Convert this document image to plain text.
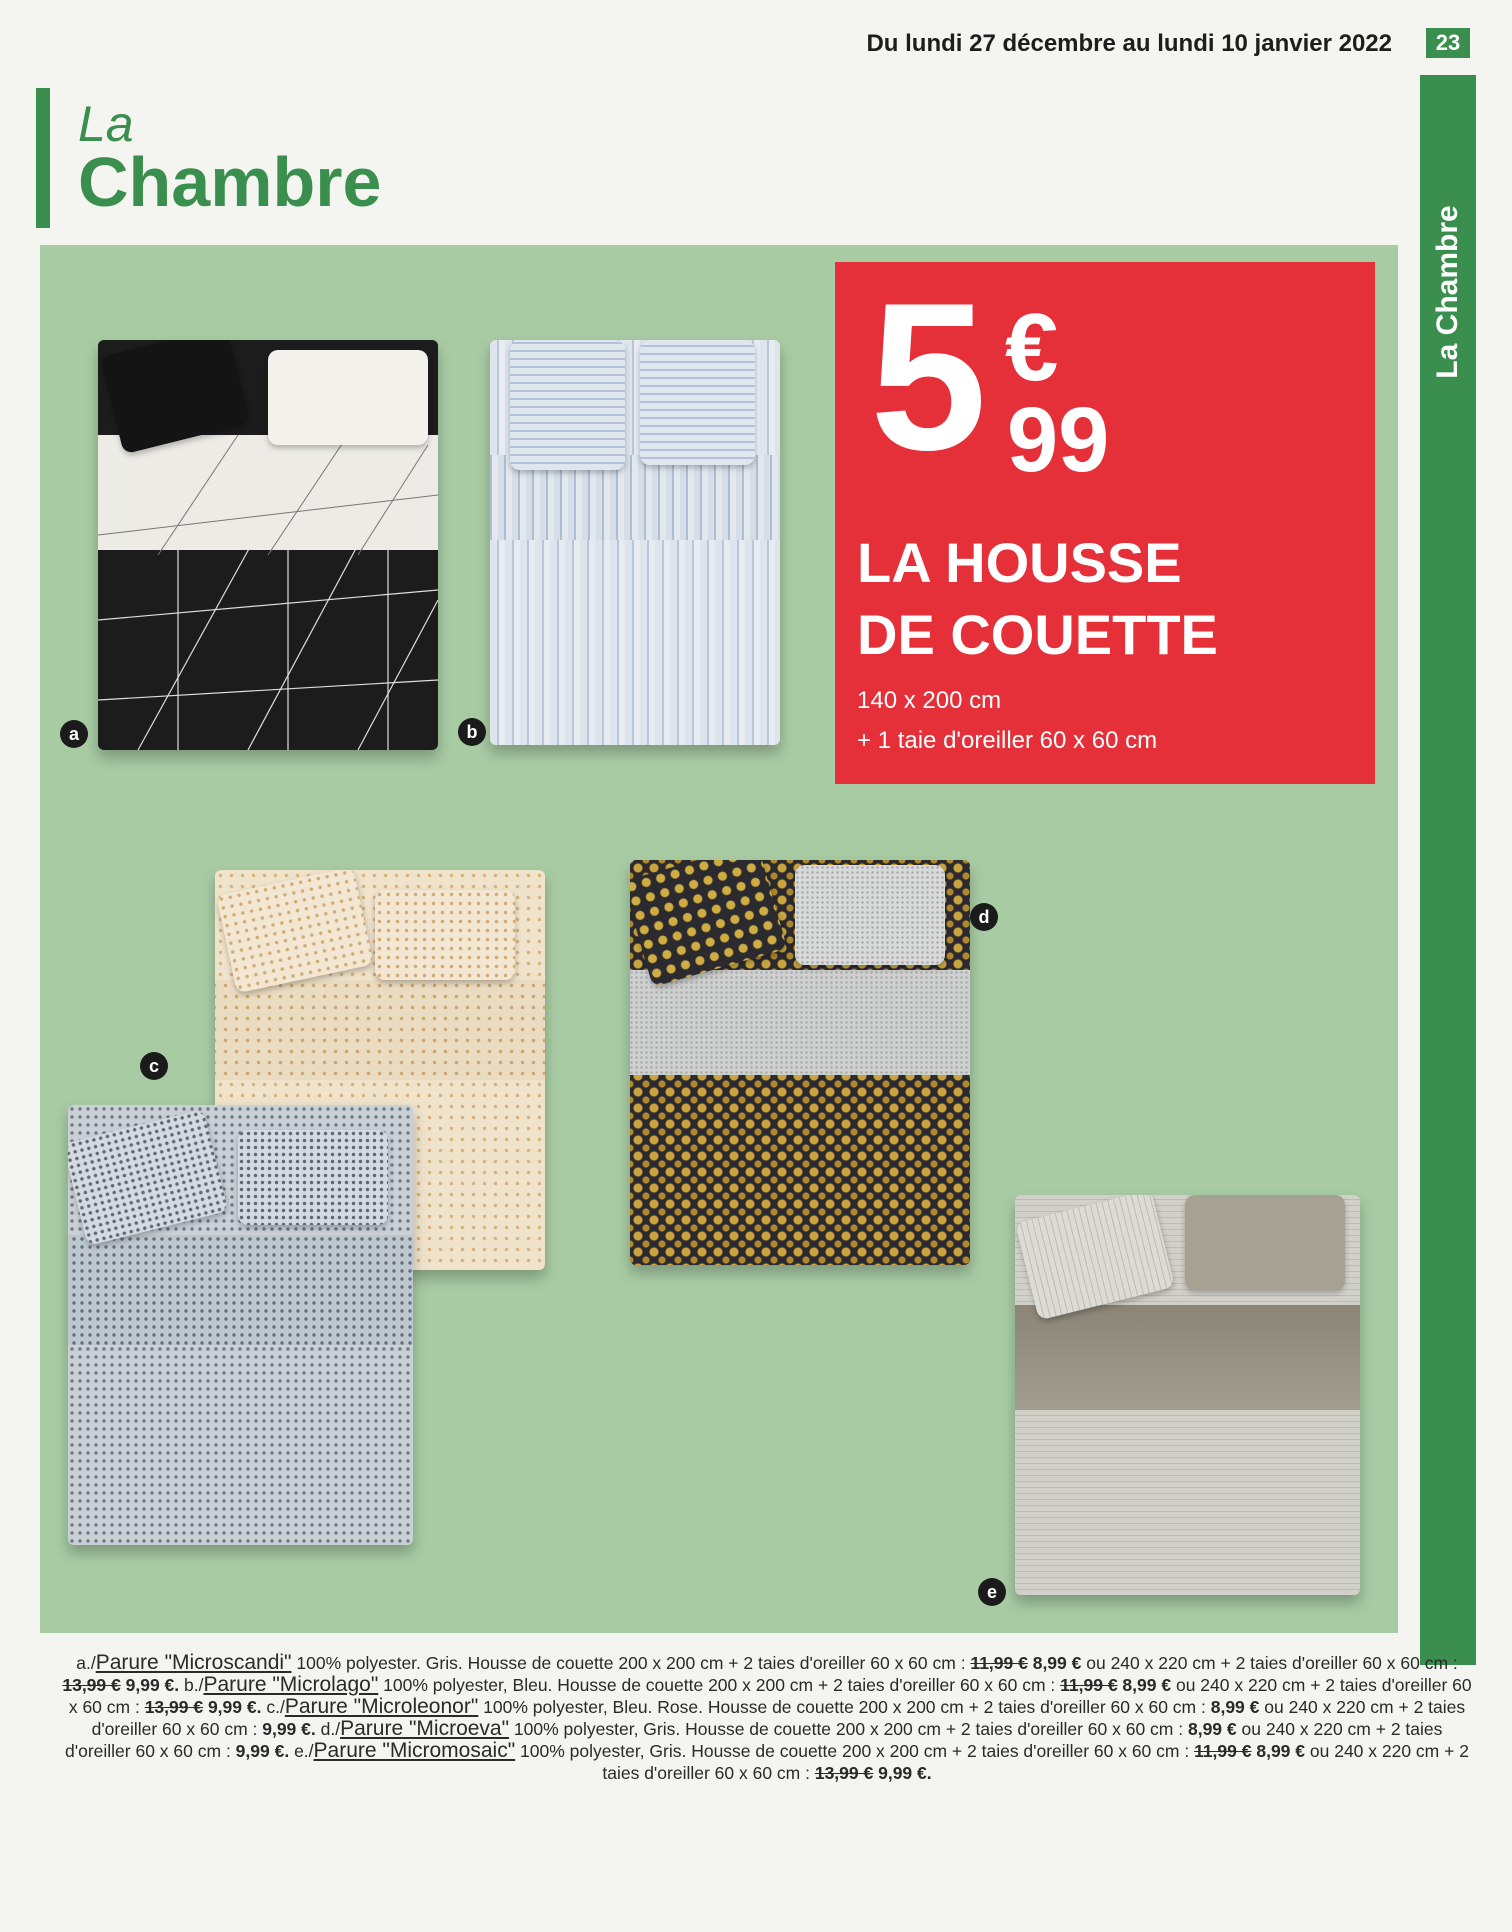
Du lundi 27 décembre au lundi 10 janvier 2022	23
La
Chambre
La Chambre
a	b
5 €
99
LA HOUSSE
DE COUETTE
140 x 200 cm
+ 1 taie d'oreiller 60 x 60 cm
c
d
e
a./Parure "Microscandi" 100% polyester. Gris. Housse de couette 200 x 200 cm + 2 taies d'oreiller 60 x 60 cm : 11,99 € 8,99 € ou 240 x 220 cm + 2 taies d'oreiller 60 x 60 cm : 13,99 € 9,99 €. b./Parure "Microlago" 100% polyester, Bleu. Housse de couette 200 x 200 cm + 2 taies d'oreiller 60 x 60 cm : 11,99 € 8,99 € ou 240 x 220 cm + 2 taies d'oreiller 60 x 60 cm : 13,99 € 9,99 €. c./Parure "Microleonor" 100% polyester, Bleu. Rose. Housse de couette 200 x 200 cm + 2 taies d'oreiller 60 x 60 cm : 8,99 € ou 240 x 220 cm + 2 taies d'oreiller 60 x 60 cm : 9,99 €. d./Parure "Microeva" 100% polyester, Gris. Housse de couette 200 x 200 cm + 2 taies d'oreiller 60 x 60 cm : 8,99 € ou 240 x 220 cm + 2 taies d'oreiller 60 x 60 cm : 9,99 €. e./Parure "Micromosaic" 100% polyester, Gris. Housse de couette 200 x 200 cm + 2 taies d'oreiller 60 x 60 cm : 11,99 € 8,99 € ou 240 x 220 cm + 2 taies d'oreiller 60 x 60 cm : 13,99 € 9,99 €.
